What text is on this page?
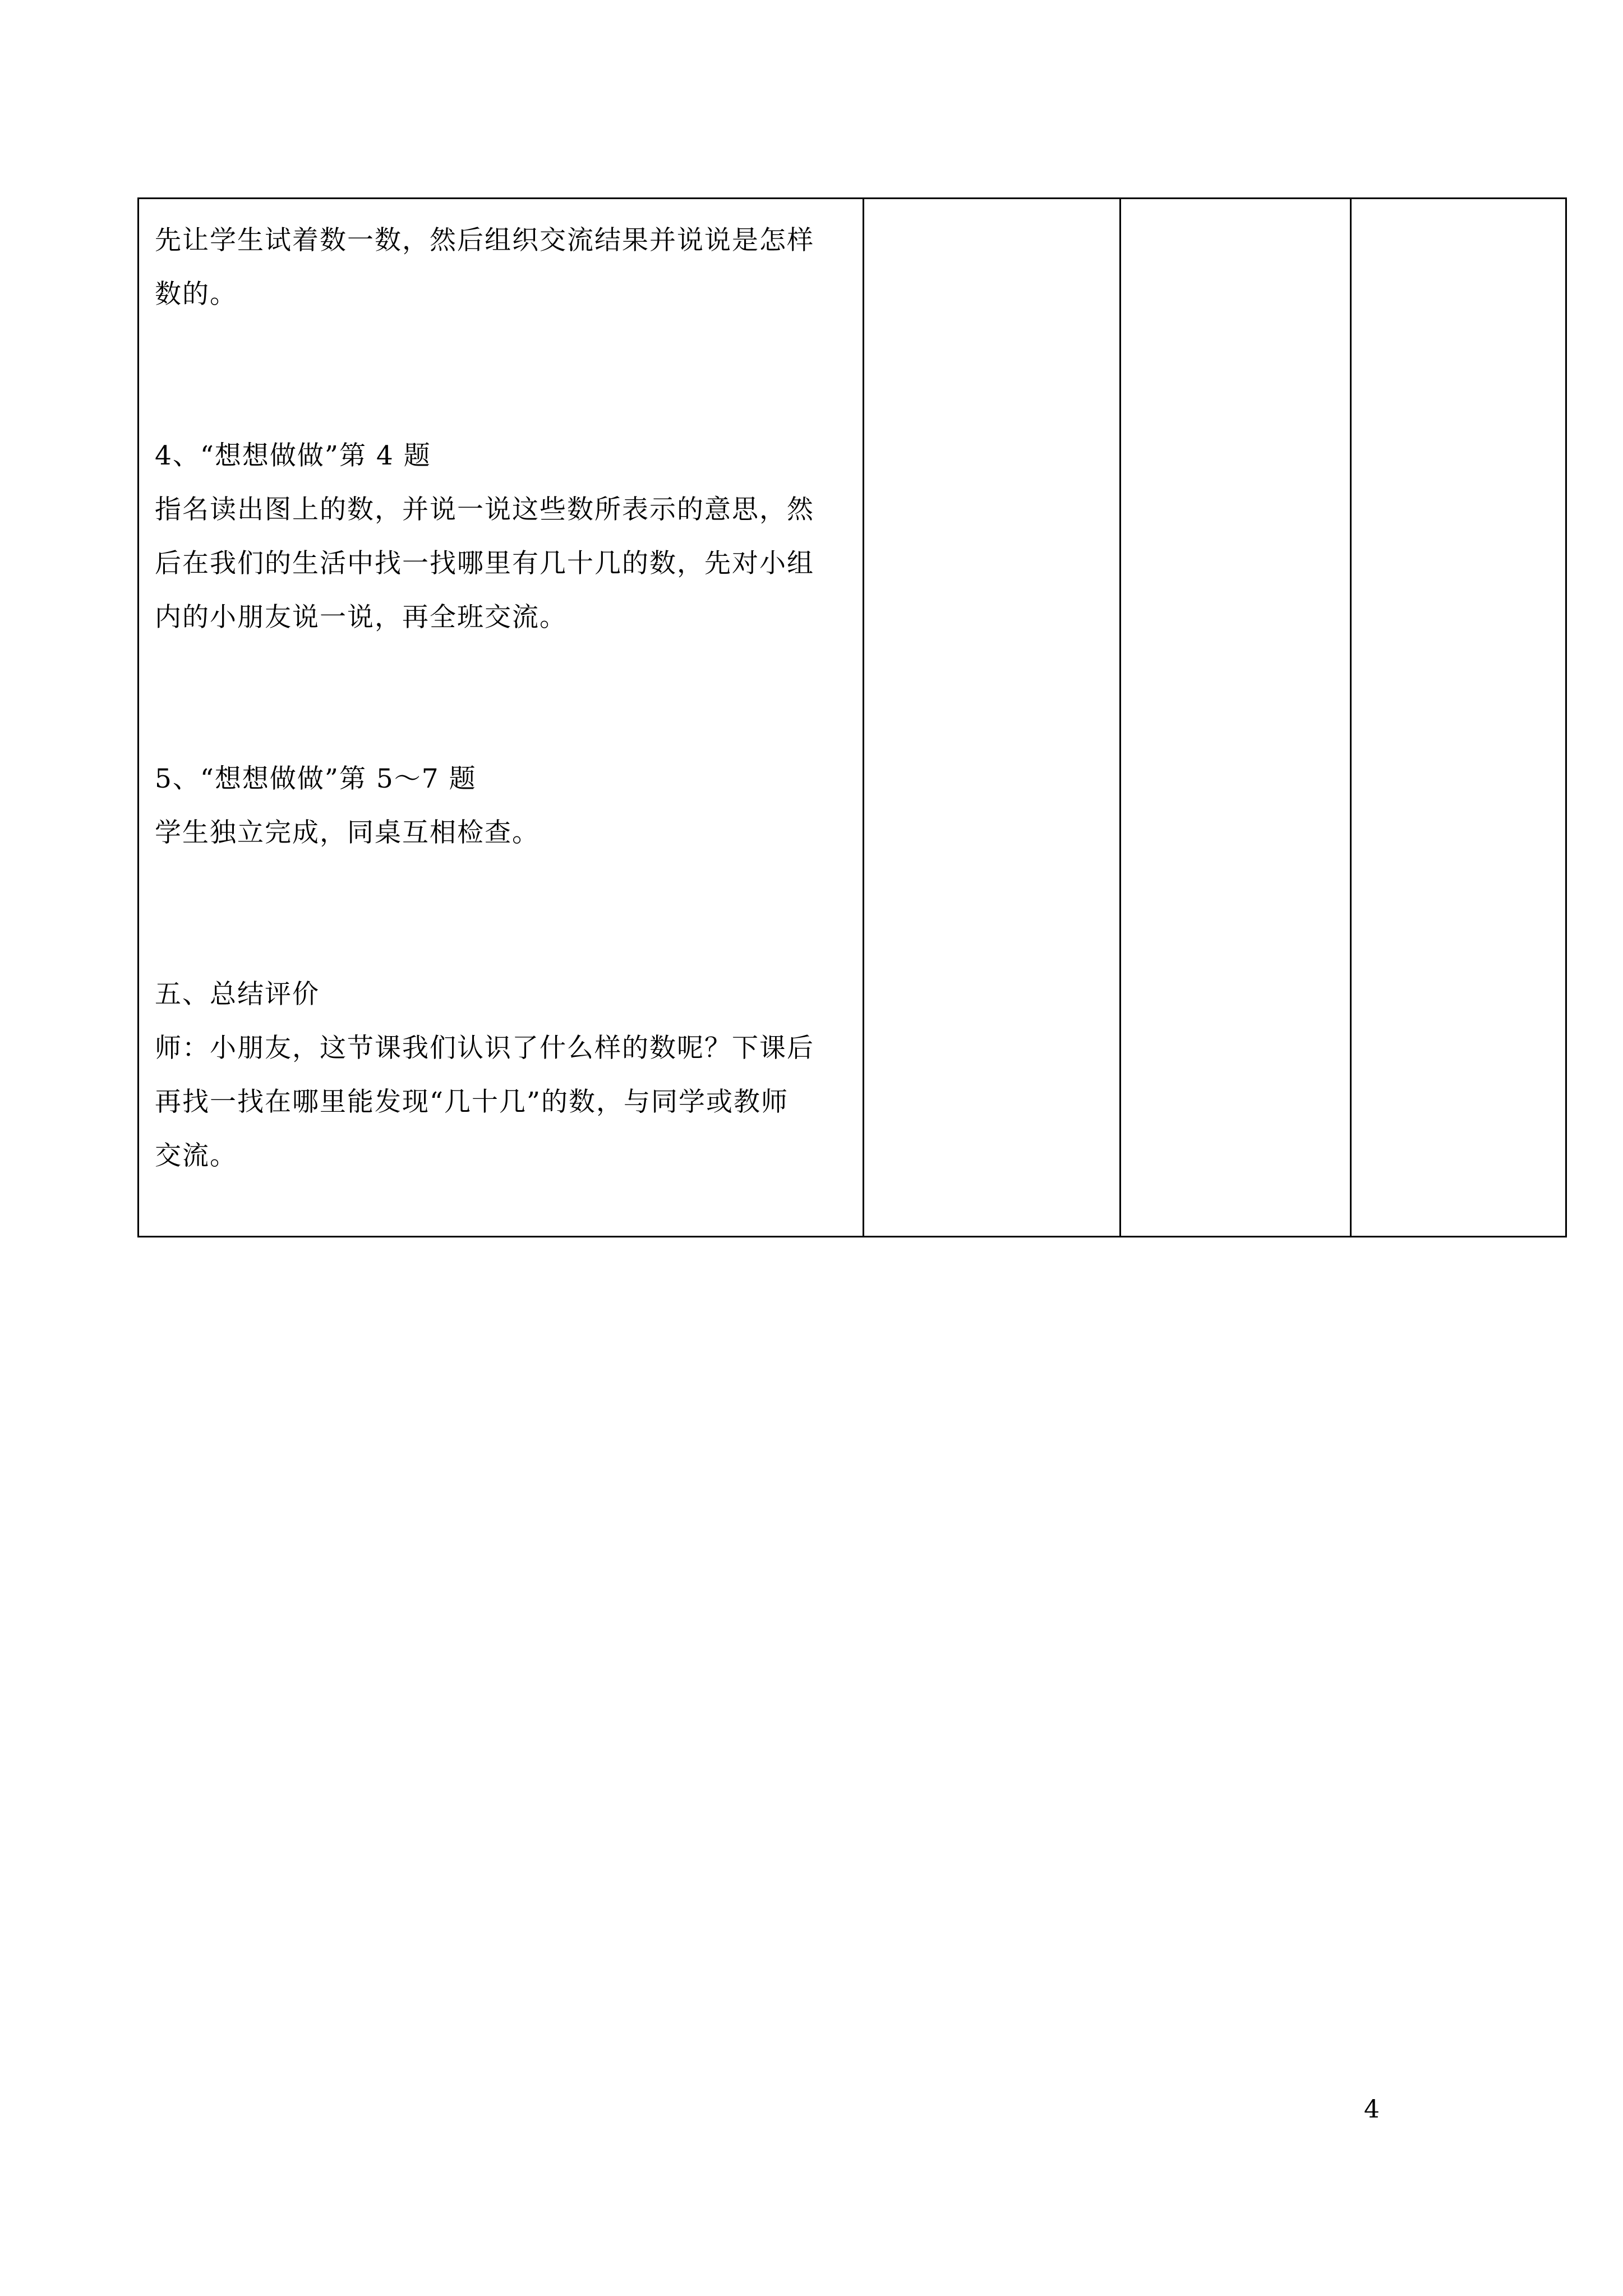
先让学生试着数一数，然后组织交流结果并说说是怎样

数的。

4、“想想做做”第 4 题

指名读出图上的数，并说一说这些数所表示的意思，然

后在我们的生活中找一找哪里有几十几的数，先对小组

内的小朋友说一说，再全班交流。

5、“想想做做”第 5～7 题

学生独立完成，同桌互相检查。

五、总结评价

师：小朋友，这节课我们认识了什么样的数呢？下课后

再找一找在哪里能发现“几十几”的数，与同学或教师

交流。

4
